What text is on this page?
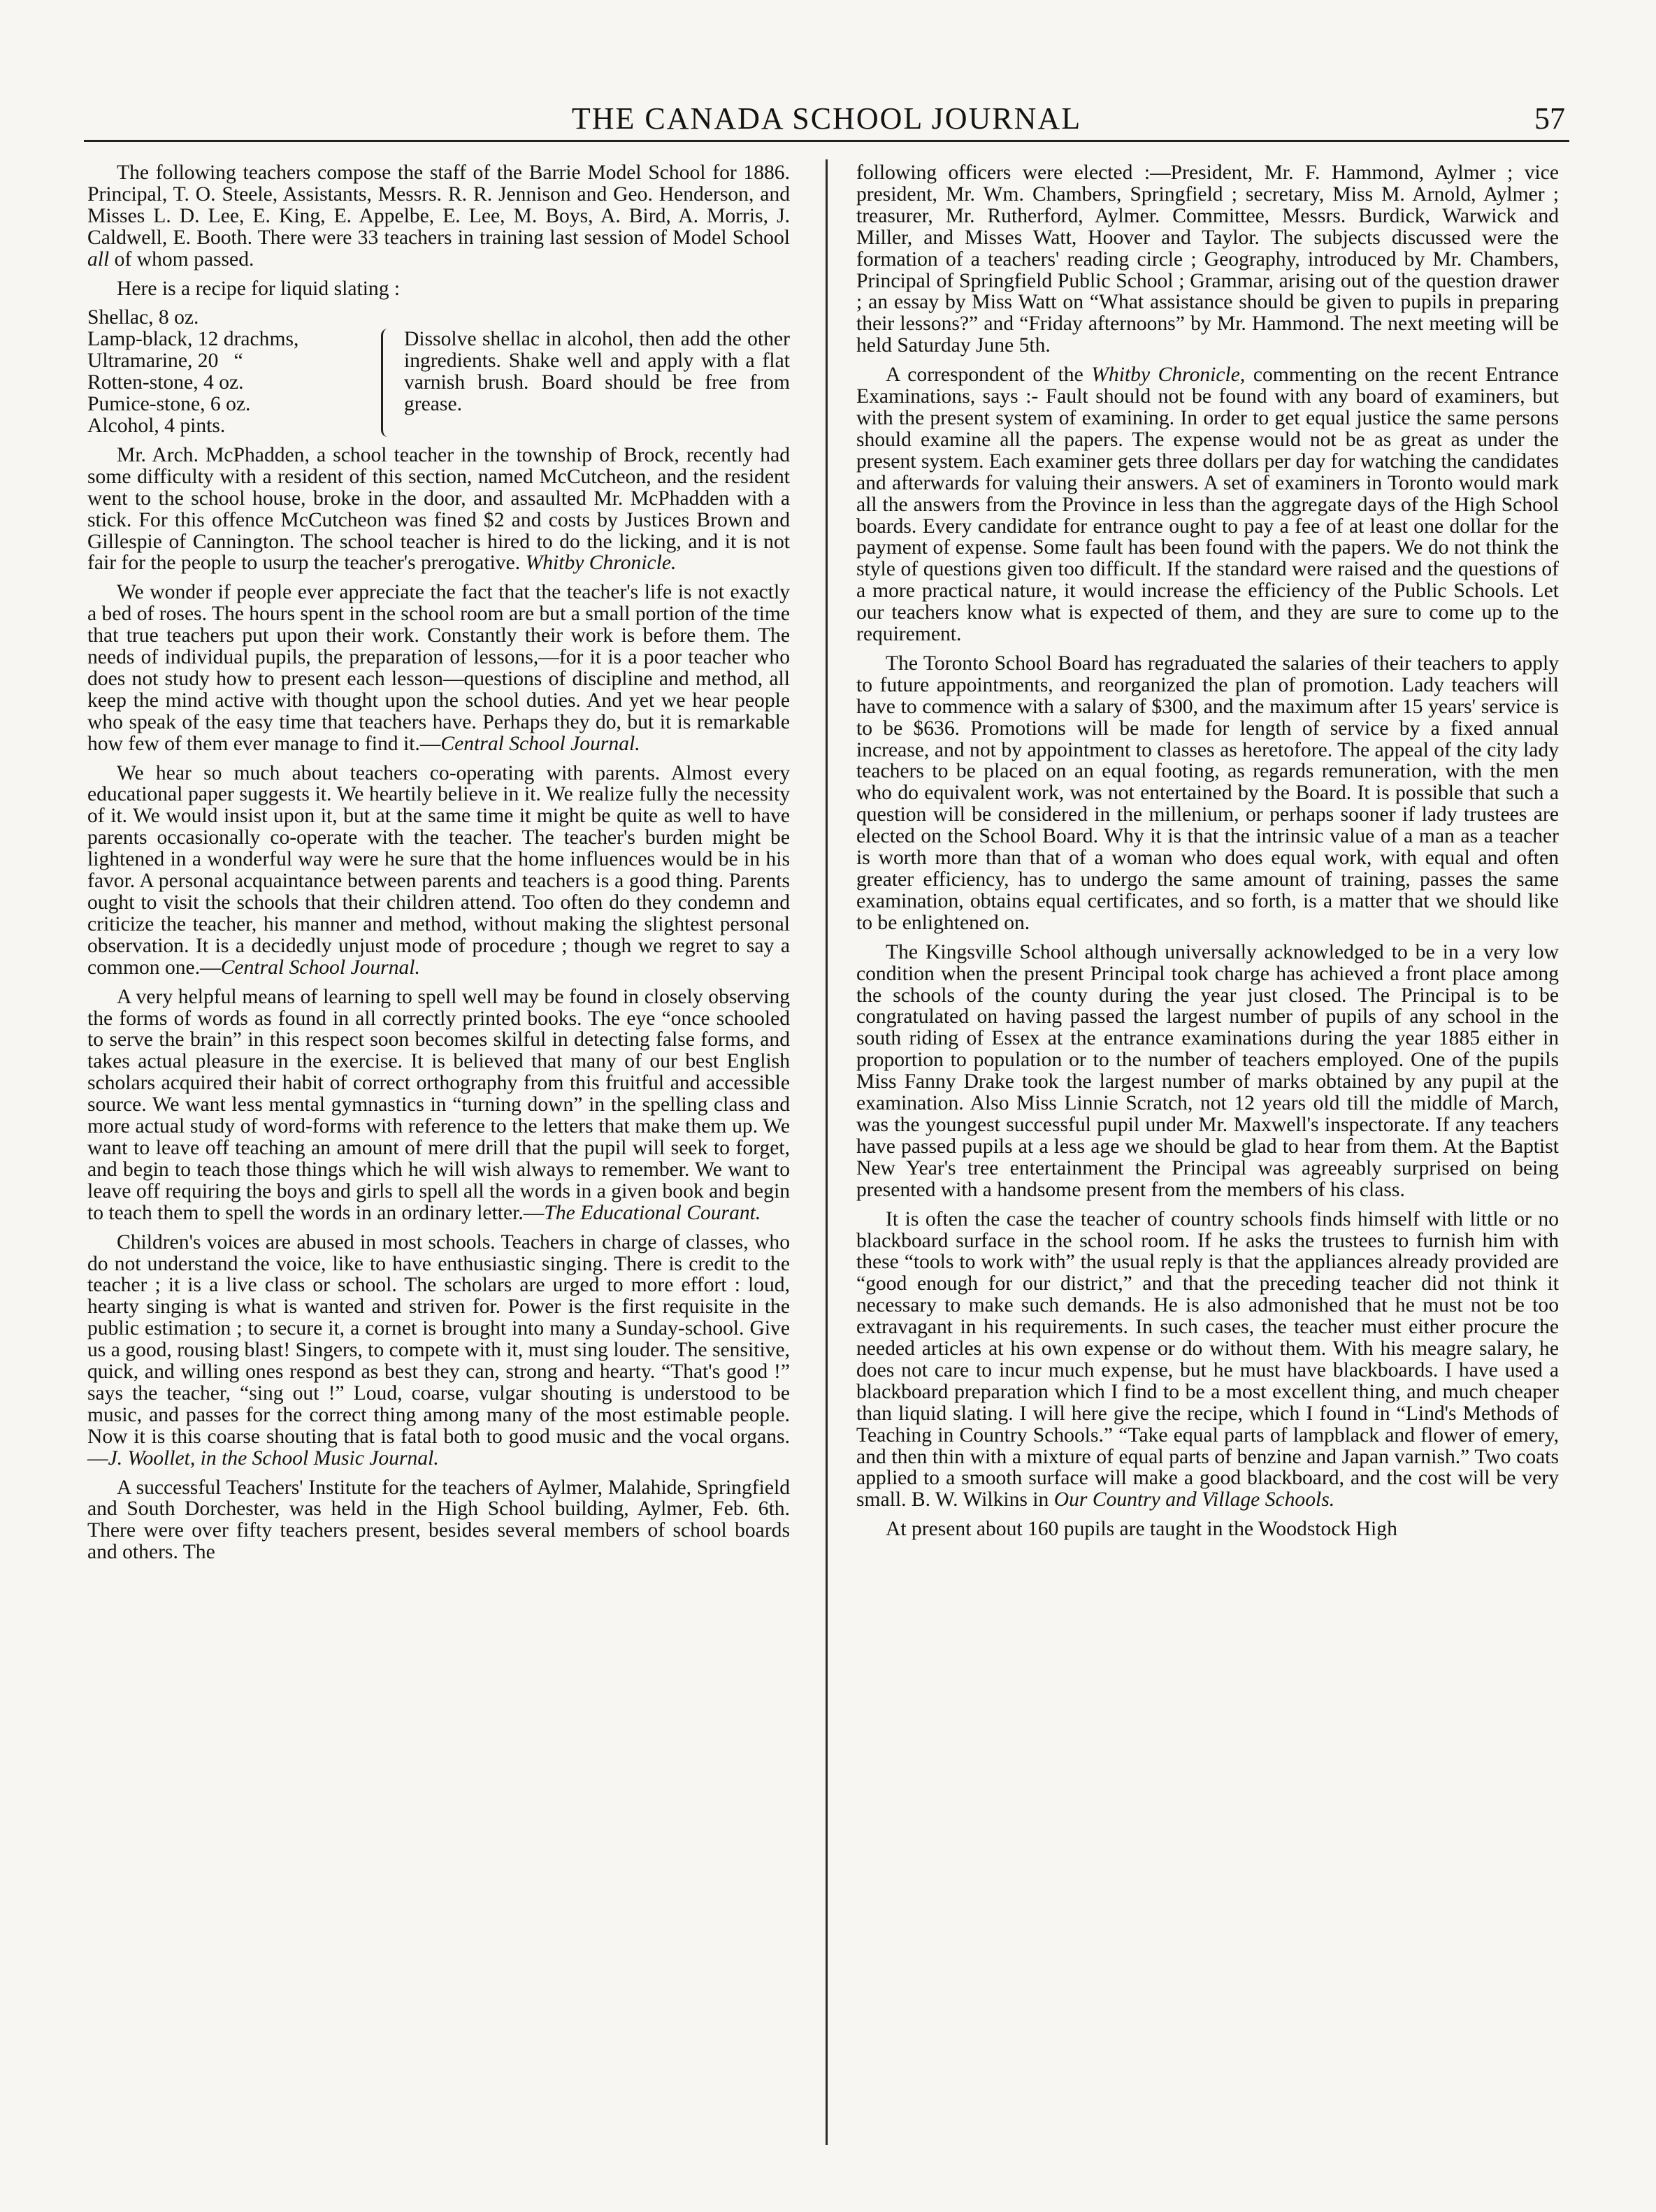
THE CANADA SCHOOL JOURNAL	57

The following teachers compose the staff of the Barrie Model School for 1886. Principal, T. O. Steele, Assistants, Messrs. R. R. Jennison and Geo. Henderson, and Misses L. D. Lee, E. King, E. Appelbe, E. Lee, M. Boys, A. Bird, A. Morris, J. Caldwell, E. Booth. There were 33 teachers in training last session of Model School all of whom passed.

Here is a recipe for liquid slating :

Shellac, 8 oz.
Lamp-black, 12 drachms,
Ultramarine, 20   “
Rotten-stone, 4 oz.
Pumice-stone, 6 oz.
Alcohol, 4 pints.
Dissolve shellac in alcohol, then add the other ingredients. Shake well and apply with a flat varnish brush. Board should be free from grease.

Mr. Arch. McPhadden, a school teacher in the township of Brock, recently had some difficulty with a resident of this section, named McCutcheon, and the resident went to the school house, broke in the door, and assaulted Mr. McPhadden with a stick. For this offence McCutcheon was fined $2 and costs by Justices Brown and Gillespie of Cannington. The school teacher is hired to do the licking, and it is not fair for the people to usurp the teacher's prerogative. Whitby Chronicle.

We wonder if people ever appreciate the fact that the teacher's life is not exactly a bed of roses. The hours spent in the school room are but a small portion of the time that true teachers put upon their work. Constantly their work is before them. The needs of individual pupils, the preparation of lessons,—for it is a poor teacher who does not study how to present each lesson—questions of discipline and method, all keep the mind active with thought upon the school duties. And yet we hear people who speak of the easy time that teachers have. Perhaps they do, but it is remarkable how few of them ever manage to find it.—Central School Journal.

We hear so much about teachers co-operating with parents. Almost every educational paper suggests it. We heartily believe in it. We realize fully the necessity of it. We would insist upon it, but at the same time it might be quite as well to have parents occasionally co-operate with the teacher. The teacher's burden might be lightened in a wonderful way were he sure that the home influences would be in his favor. A personal acquaintance between parents and teachers is a good thing. Parents ought to visit the schools that their children attend. Too often do they condemn and criticize the teacher, his manner and method, without making the slightest personal observation. It is a decidedly unjust mode of procedure ; though we regret to say a common one.—Central School Journal.

A very helpful means of learning to spell well may be found in closely observing the forms of words as found in all correctly printed books. The eye “once schooled to serve the brain” in this respect soon becomes skilful in detecting false forms, and takes actual pleasure in the exercise. It is believed that many of our best English scholars acquired their habit of correct orthography from this fruitful and accessible source. We want less mental gymnastics in “turning down” in the spelling class and more actual study of word-forms with reference to the letters that make them up. We want to leave off teaching an amount of mere drill that the pupil will seek to forget, and begin to teach those things which he will wish always to remember. We want to leave off requiring the boys and girls to spell all the words in a given book and begin to teach them to spell the words in an ordinary letter.—The Educational Courant.

Children's voices are abused in most schools. Teachers in charge of classes, who do not understand the voice, like to have enthusiastic singing. There is credit to the teacher ; it is a live class or school. The scholars are urged to more effort : loud, hearty singing is what is wanted and striven for. Power is the first requisite in the public estimation ; to secure it, a cornet is brought into many a Sunday-school. Give us a good, rousing blast! Singers, to compete with it, must sing louder. The sensitive, quick, and willing ones respond as best they can, strong and hearty. “That's good !” says the teacher, “sing out !” Loud, coarse, vulgar shouting is understood to be music, and passes for the correct thing among many of the most estimable people. Now it is this coarse shouting that is fatal both to good music and the vocal organs.—J. Woollet, in the School Music Journal.

A successful Teachers' Institute for the teachers of Aylmer, Malahide, Springfield and South Dorchester, was held in the High School building, Aylmer, Feb. 6th. There were over fifty teachers present, besides several members of school boards and others. The

following officers were elected :—President, Mr. F. Hammond, Aylmer ; vice president, Mr. Wm. Chambers, Springfield ; secretary, Miss M. Arnold, Aylmer ; treasurer, Mr. Rutherford, Aylmer. Committee, Messrs. Burdick, Warwick and Miller, and Misses Watt, Hoover and Taylor. The subjects discussed were the formation of a teachers' reading circle ; Geography, introduced by Mr. Chambers, Principal of Springfield Public School ; Grammar, arising out of the question drawer ; an essay by Miss Watt on “What assistance should be given to pupils in preparing their lessons?” and “Friday afternoons” by Mr. Hammond. The next meeting will be held Saturday June 5th.

A correspondent of the Whitby Chronicle, commenting on the recent Entrance Examinations, says :- Fault should not be found with any board of examiners, but with the present system of examining. In order to get equal justice the same persons should examine all the papers. The expense would not be as great as under the present system. Each examiner gets three dollars per day for watching the candidates and afterwards for valuing their answers. A set of examiners in Toronto would mark all the answers from the Province in less than the aggregate days of the High School boards. Every candidate for entrance ought to pay a fee of at least one dollar for the payment of expense. Some fault has been found with the papers. We do not think the style of questions given too difficult. If the standard were raised and the questions of a more practical nature, it would increase the efficiency of the Public Schools. Let our teachers know what is expected of them, and they are sure to come up to the requirement.

The Toronto School Board has regraduated the salaries of their teachers to apply to future appointments, and reorganized the plan of promotion. Lady teachers will have to commence with a salary of $300, and the maximum after 15 years' service is to be $636. Promotions will be made for length of service by a fixed annual increase, and not by appointment to classes as heretofore. The appeal of the city lady teachers to be placed on an equal footing, as regards remuneration, with the men who do equivalent work, was not entertained by the Board. It is possible that such a question will be considered in the millenium, or perhaps sooner if lady trustees are elected on the School Board. Why it is that the intrinsic value of a man as a teacher is worth more than that of a woman who does equal work, with equal and often greater efficiency, has to undergo the same amount of training, passes the same examination, obtains equal certificates, and so forth, is a matter that we should like to be enlightened on.

The Kingsville School although universally acknowledged to be in a very low condition when the present Principal took charge has achieved a front place among the schools of the county during the year just closed. The Principal is to be congratulated on having passed the largest number of pupils of any school in the south riding of Essex at the entrance examinations during the year 1885 either in proportion to population or to the number of teachers employed. One of the pupils Miss Fanny Drake took the largest number of marks obtained by any pupil at the examination. Also Miss Linnie Scratch, not 12 years old till the middle of March, was the youngest successful pupil under Mr. Maxwell's inspectorate. If any teachers have passed pupils at a less age we should be glad to hear from them. At the Baptist New Year's tree entertainment the Principal was agreeably surprised on being presented with a handsome present from the members of his class.

It is often the case the teacher of country schools finds himself with little or no blackboard surface in the school room. If he asks the trustees to furnish him with these “tools to work with” the usual reply is that the appliances already provided are “good enough for our district,” and that the preceding teacher did not think it necessary to make such demands. He is also admonished that he must not be too extravagant in his requirements. In such cases, the teacher must either procure the needed articles at his own expense or do without them. With his meagre salary, he does not care to incur much expense, but he must have blackboards. I have used a blackboard preparation which I find to be a most excellent thing, and much cheaper than liquid slating. I will here give the recipe, which I found in “Lind's Methods of Teaching in Country Schools.” “Take equal parts of lampblack and flower of emery, and then thin with a mixture of equal parts of benzine and Japan varnish.” Two coats applied to a smooth surface will make a good blackboard, and the cost will be very small. B. W. Wilkins in Our Country and Village Schools.

At present about 160 pupils are taught in the Woodstock High
